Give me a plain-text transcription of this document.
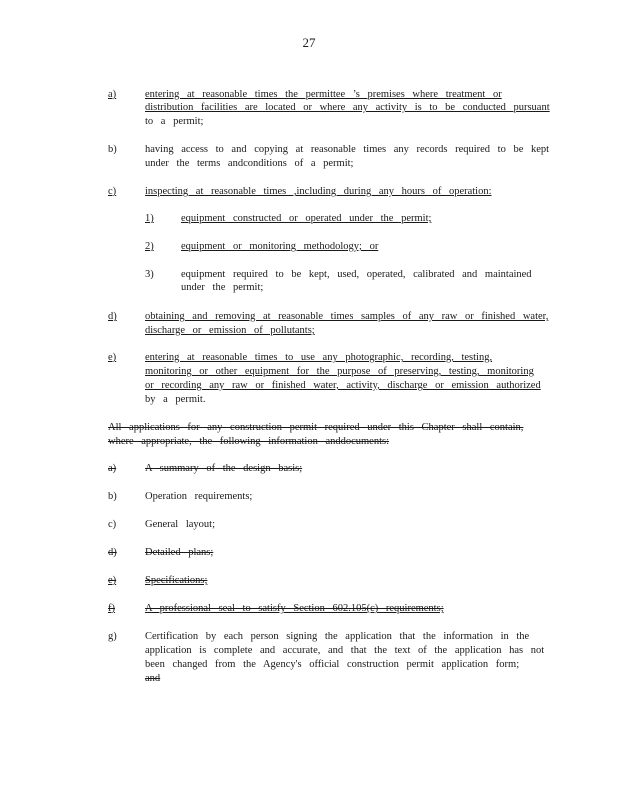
27
a)	entering at reasonable times the permittee ’s premises where treatment or
distribution facilities are located or where any activity is to be conducted pursuant
to a permit;
b)	having access to and copying at reasonable times any records required to be kept
under the terms andconditions of a permit;
c)	inspecting at reasonable times ,including during any hours of operation:
1)	equipment constructed or operated under the permit;
2)	equipment or monitoring methodology; or
3)	equipment required to be kept, used, operated, calibrated and maintained
under the permit;
d)	obtaining and removing at reasonable times samples of any raw or finished water,
discharge or emission of pollutants;
e)	entering at reasonable times to use any photographic, recording, testing,
monitoring or other equipment for the purpose of preserving, testing, monitoring
or recording any raw or finished water, activity, discharge or emission authorized
by a permit.
All applications for any construction permit required under this Chapter shall contain,
where appropriate, the following information anddocuments:
a)	A summary of the design basis;
b)	Operation requirements;
c)	General layout;
d)	Detailed plans;
e)	Specifications;
f)	A professional seal to satisfy Section 602.105(c) requirements;
g)	Certification by each person signing the application that the information in the
application is complete and accurate, and that the text of the application has not
been changed from the Agency's official construction permit application form;
and
